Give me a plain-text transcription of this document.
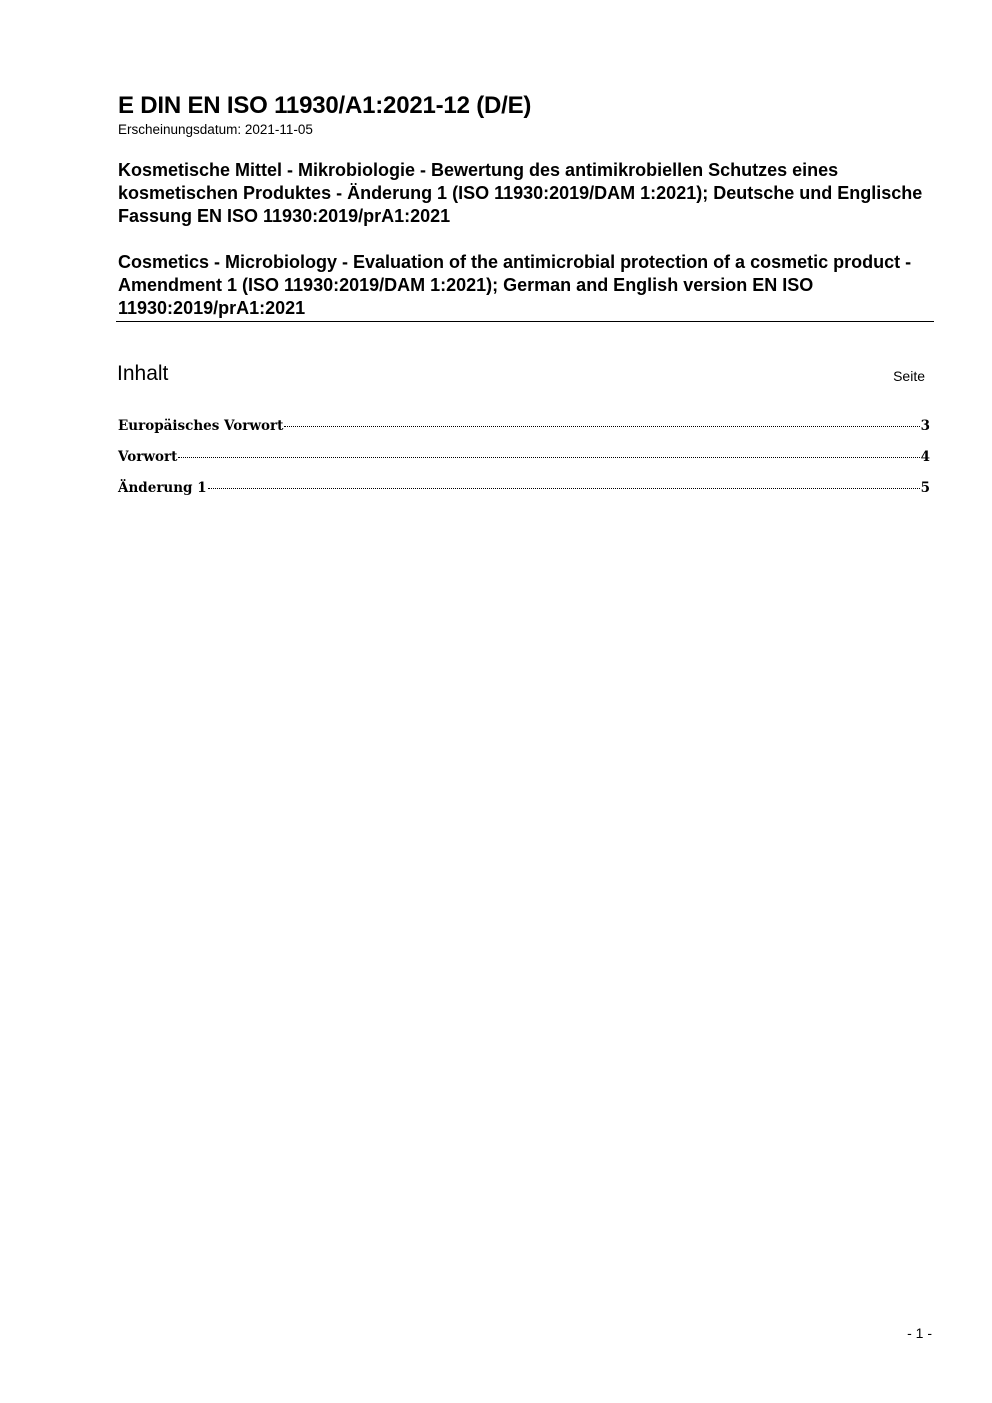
E DIN EN ISO 11930/A1:2021-12 (D/E)
Erscheinungsdatum: 2021-11-05
Kosmetische Mittel - Mikrobiologie - Bewertung des antimikrobiellen Schutzes eines kosmetischen Produktes - Änderung 1 (ISO 11930:2019/DAM 1:2021); Deutsche und Englische Fassung EN ISO 11930:2019/prA1:2021
Cosmetics - Microbiology - Evaluation of the antimicrobial protection of a cosmetic product - Amendment 1 (ISO 11930:2019/DAM 1:2021); German and English version EN ISO 11930:2019/prA1:2021
Inhalt	Seite
Europäisches Vorwort	3
Vorwort	4
Änderung 1	5
- 1 -
